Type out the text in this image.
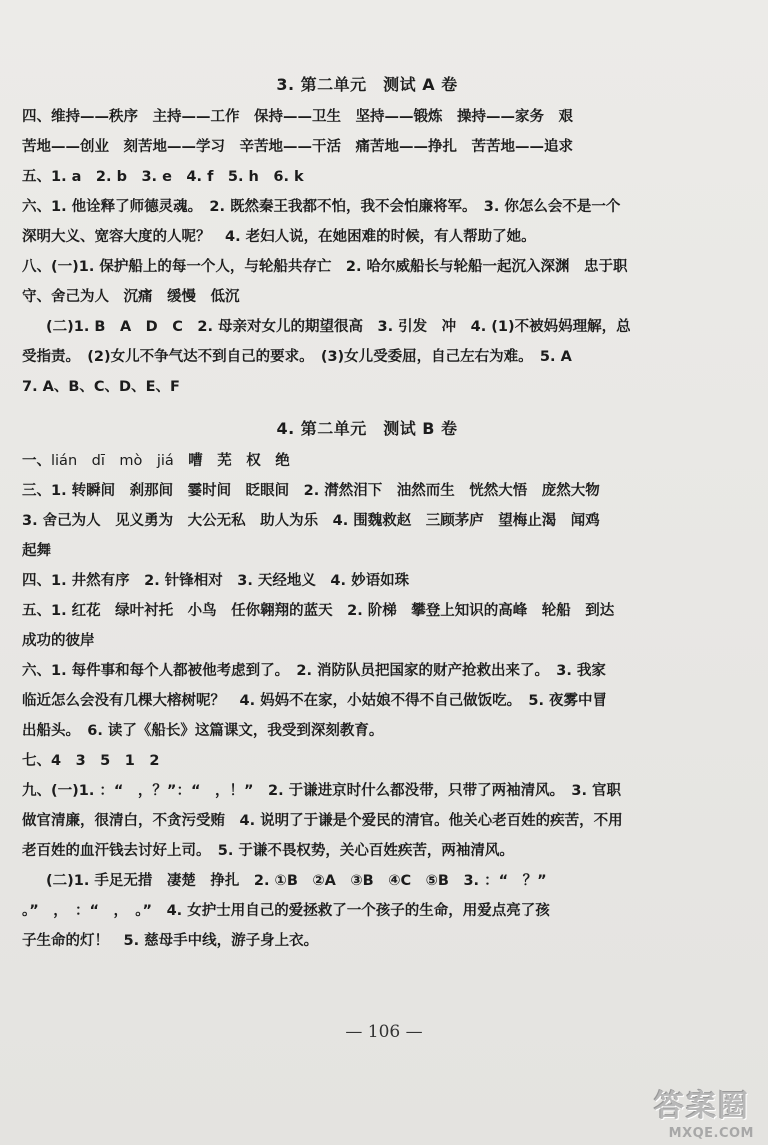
3. 第二单元　测试 A 卷
四、维持——秩序　主持——工作　保持——卫生　坚持——锻炼　操持——家务　艰
苦地——创业　刻苦地——学习　辛苦地——干活　痛苦地——挣扎　苦苦地——追求
五、1. a　2. b　3. e　4. f　5. h　6. k
六、1. 他诠释了师德灵魂。　2. 既然秦王我都不怕，我不会怕廉将军。　3. 你怎么会不是一个
深明大义、宽容大度的人呢？　4. 老妇人说，在她困难的时候，有人帮助了她。
八、(一)1. 保护船上的每一个人，与轮船共存亡　2. 哈尔威船长与轮船一起沉入深渊　忠于职
守、舍己为人　沉痛　缓慢　低沉
(二)1. B　A　D　C　2. 母亲对女儿的期望很高　3. 引发　冲　4. (1)不被妈妈理解，总
受指责。　(2)女儿不争气达不到自己的要求。　(3)女儿受委屈，自己左右为难。　5. A
7. A、B、C、D、E、F
4. 第二单元　测试 B 卷
一、lián　dī　mò　jiá　嘈　芜　权　绝
三、1. 转瞬间　刹那间　霎时间　眨眼间　2. 潸然泪下　油然而生　恍然大悟　庞然大物
3. 舍己为人　见义勇为　大公无私　助人为乐　4. 围魏救赵　三顾茅庐　望梅止渴　闻鸡
起舞
四、1. 井然有序　2. 针锋相对　3. 天经地义　4. 妙语如珠
五、1. 红花　绿叶衬托　小鸟　任你翱翔的蓝天　2. 阶梯　攀登上知识的高峰　轮船　到达
成功的彼岸
六、1. 每件事和每个人都被他考虑到了。　2. 消防队员把国家的财产抢救出来了。　3. 我家
临近怎么会没有几棵大榕树呢？　4. 妈妈不在家，小姑娘不得不自己做饭吃。　5. 夜雾中冒
出船头。　6. 读了《船长》这篇课文，我受到深刻教育。
七、4　3　5　1　2
九、(一)1. ：“　，？”：“　，！”　2. 于谦进京时什么都没带，只带了两袖清风。　3. 官职
做官清廉，很清白，不贪污受贿　4. 说明了于谦是个爱民的清官。他关心老百姓的疾苦，不用
老百姓的血汗钱去讨好上司。　5. 于谦不畏权势，关心百姓疾苦，两袖清风。
(二)1. 手足无措　凄楚　挣扎　2. ①B　②A　③B　④C　⑤B　3. ：“　？”
。”　，　：“　，　。”　4. 女护士用自己的爱拯救了一个孩子的生命，用爱点亮了孩
子生命的灯！　5. 慈母手中线，游子身上衣。
— 106 —
答案圈
MXQE.COM
